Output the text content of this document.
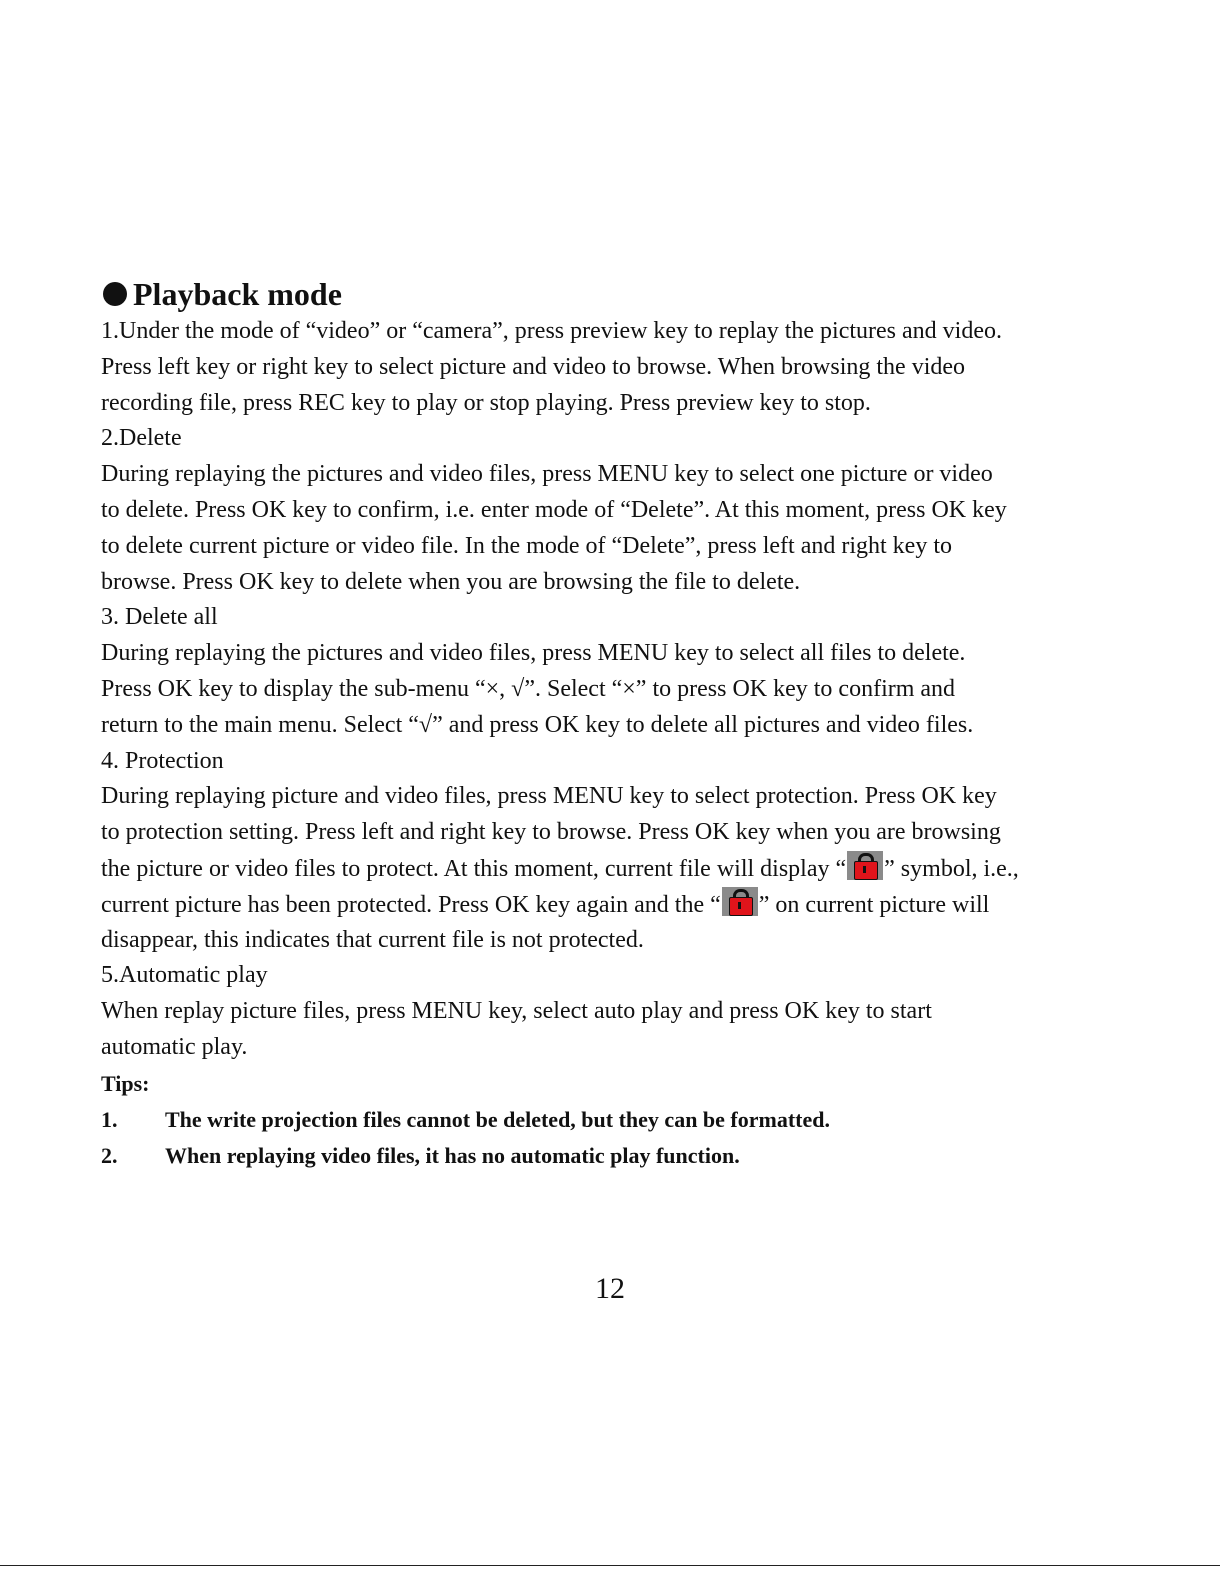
Playback mode
1.Under the mode of “video” or “camera”, press preview key to replay the pictures and video.
Press left key or right key to select picture and video to browse. When browsing the video
recording file, press REC key to play or stop playing. Press preview key to stop.
2.Delete
During replaying the pictures and video files, press MENU key to select one picture or video
to delete. Press OK key to confirm, i.e. enter mode of “Delete”. At this moment, press OK key
to delete current picture or video file. In the mode of “Delete”, press left and right key to
browse. Press OK key to delete when you are browsing the file to delete.
3. Delete all
During replaying the pictures and video files, press MENU key to select all files to delete.
Press OK key to display the sub-menu “×, √”. Select “×” to press OK key to confirm and
return to the main menu. Select “√” and press OK key to delete all pictures and video files.
4. Protection
During replaying picture and video files, press MENU key to select protection. Press OK key
to protection setting. Press left and right key to browse. Press OK key when you are browsing
the picture or video files to protect. At this moment, current file will display “ ” symbol, i.e.,
current picture has been protected. Press OK key again and the “ ” on current picture will
disappear, this indicates that current file is not protected.
5.Automatic play
When replay picture files, press MENU key, select auto play and press OK key to start
automatic play.
Tips:
1.	The write projection files cannot be deleted, but they can be formatted.
2.	When replaying video files, it has no automatic play function.
12
